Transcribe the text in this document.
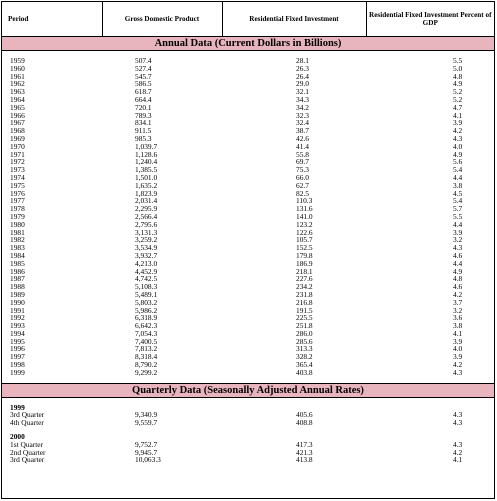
Period	Gross Domestic Product	Residential Fixed Investment	Residential Fixed Investment Percent of GDP
Annual Data (Current Dollars in Billions)			

1959	507.4	28.1	5.5
1960	527.4	26.3	5.0
1961	545.7	26.4	4.8
1962	586.5	29.0	4.9
1963	618.7	32.1	5.2
1964	664.4	34.3	5.2
1965	720.1	34.2	4.7
1966	789.3	32.3	4.1
1967	834.1	32.4	3.9
1968	911.5	38.7	4.2
1969	985.3	42.6	4.3
1970	1,039.7	41.4	4.0
1971	1,128.6	55.8	4.9
1972	1,240.4	69.7	5.6
1973	1,385.5	75.3	5.4
1974	1,501.0	66.0	4.4
1975	1,635.2	62.7	3.8
1976	1,823.9	82.5	4.5
1977	2,031.4	110.3	5.4
1978	2,295.9	131.6	5.7
1979	2,566.4	141.0	5.5
1980	2,795.6	123.2	4.4
1981	3,131.3	122.6	3.9
1982	3,259.2	105.7	3.2
1983	3,534.9	152.5	4.3
1984	3,932.7	179.8	4.6
1985	4,213.0	186.9	4.4
1986	4,452.9	218.1	4.9
1987	4,742.5	227.6	4.8
1988	5,108.3	234.2	4.6
1989	5,489.1	231.8	4.2
1990	5,803.2	216.8	3.7
1991	5,986.2	191.5	3.2
1992	6,318.9	225.5	3.6
1993	6,642.3	251.8	3.8
1994	7,054.3	286.0	4.1
1995	7,400.5	285.6	3.9
1996	7,813.2	313.3	4.0
1997	8,318.4	328.2	3.9
1998	8,790.2	365.4	4.2
1999	9,299.2	403.8	4.3

Quarterly Data (Seasonally Adjusted Annual Rates)			

1999			
3rd Quarter	9,340.9	405.6	4.3
4th Quarter	9,559.7	408.8	4.3

2000			
1st Quarter	9,752.7	417.3	4.3
2nd Quarter	9,945.7	421.3	4.2
3rd Quarter	10,063.3	413.8	4.1
